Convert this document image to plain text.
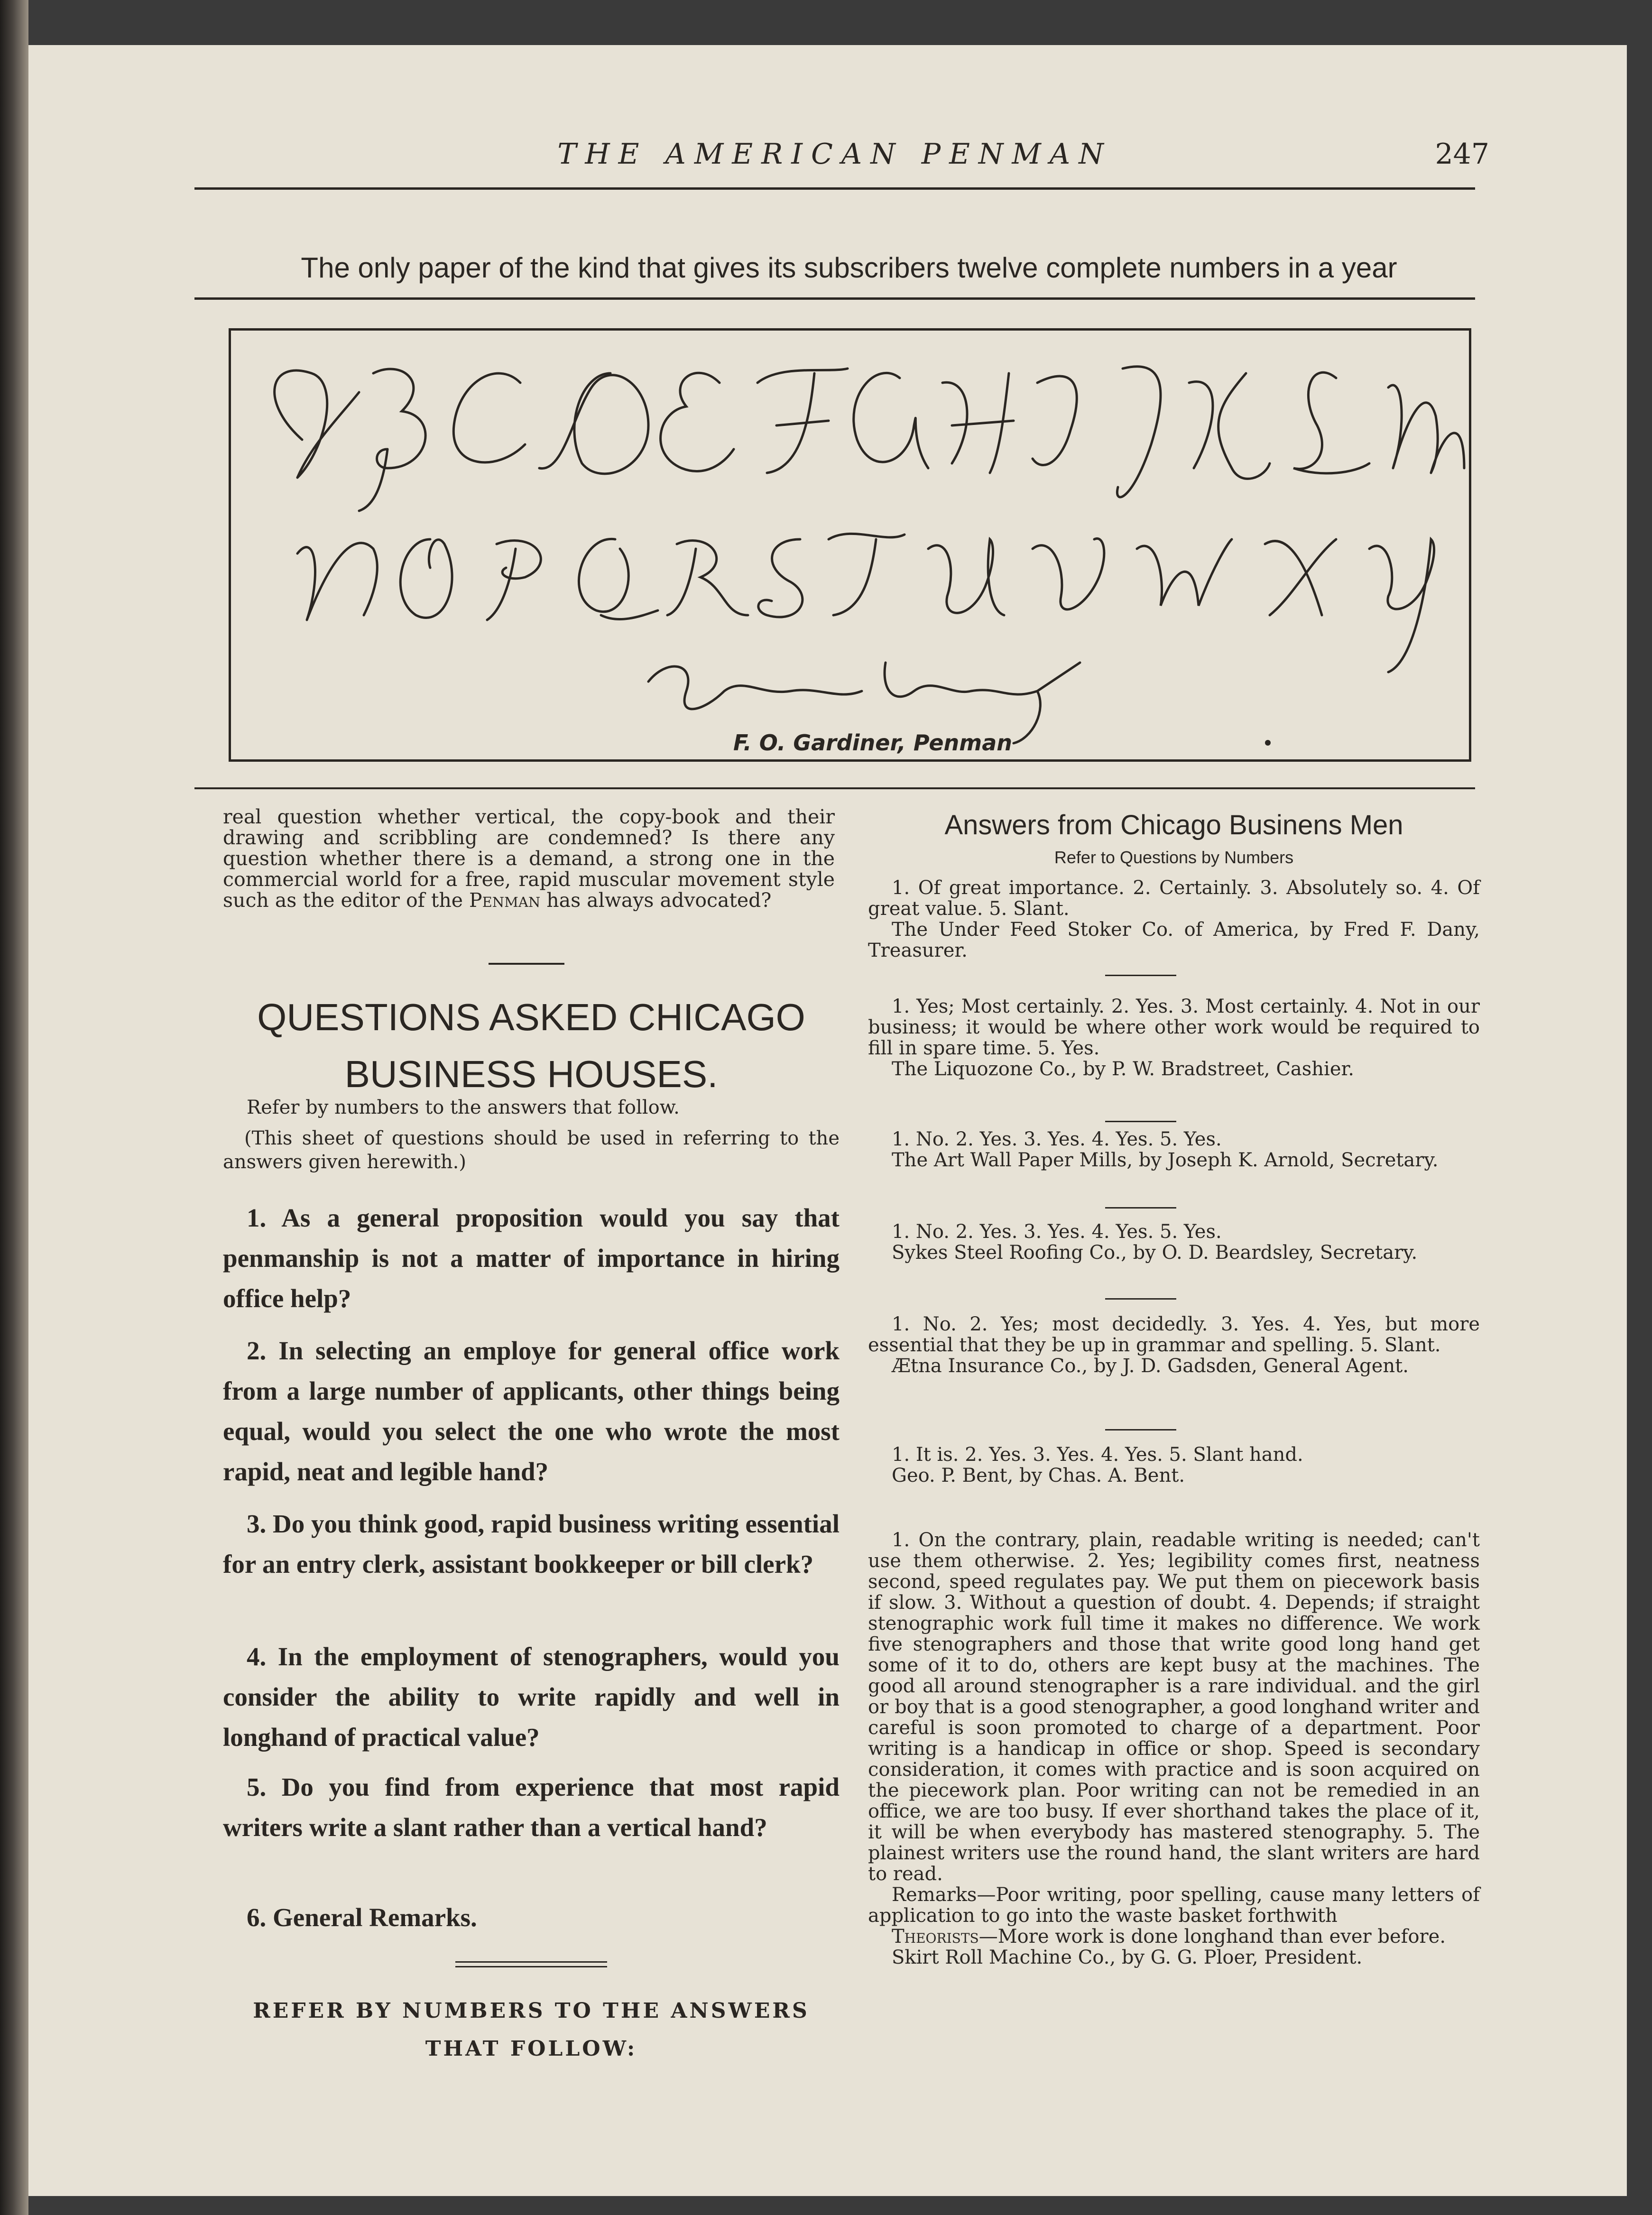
THE AMERICAN PENMAN	247
The only paper of the kind that gives its subscribers twelve complete numbers in a year
F. O. Gardiner, Penman

real question whether vertical, the copy-book and their drawing and scribbling are condemned? Is there any question whether there is a demand, a strong one in the commercial world for a free, rapid muscular movement style such as the editor of the Penman has always advocated?

QUESTIONS ASKED CHICAGO BUSINESS HOUSES.
Refer by numbers to the answers that follow.
(This sheet of questions should be used in referring to the answers given herewith.)
1. As a general proposition would you say that penmanship is not a matter of importance in hiring office help?
2. In selecting an employe for general office work from a large number of applicants, other things being equal, would you select the one who wrote the most rapid, neat and legible hand?
3. Do you think good, rapid business writing essential for an entry clerk, assistant bookkeeper or bill clerk?
4. In the employment of stenographers, would you consider the ability to write rapidly and well in longhand of practical value?
5. Do you find from experience that most rapid writers write a slant rather than a vertical hand?
6. General Remarks.
REFER BY NUMBERS TO THE ANSWERS THAT FOLLOW:
Answers from Chicago Businens Men
Refer to Questions by Numbers

1. Of great importance. 2. Certainly. 3. Absolutely so. 4. Of great value. 5. Slant.

The Under Feed Stoker Co. of America, by Fred F. Dany, Treasurer.

1. Yes; Most certainly. 2. Yes. 3. Most certainly. 4. Not in our business; it would be where other work would be required to fill in spare time. 5. Yes.

The Liquozone Co., by P. W. Bradstreet, Cashier.

1. No. 2. Yes. 3. Yes. 4. Yes. 5. Yes.

The Art Wall Paper Mills, by Joseph K. Arnold, Secretary.

1. No. 2. Yes. 3. Yes. 4. Yes. 5. Yes.

Sykes Steel Roofing Co., by O. D. Beardsley, Secretary.

1. No. 2. Yes; most decidedly. 3. Yes. 4. Yes, but more essential that they be up in grammar and spelling. 5. Slant.

Ætna Insurance Co., by J. D. Gadsden, General Agent.

1. It is. 2. Yes. 3. Yes. 4. Yes. 5. Slant hand.

Geo. P. Bent, by Chas. A. Bent.

1. On the contrary, plain, readable writing is needed; can't use them otherwise. 2. Yes; legibility comes first, neatness second, speed regulates pay. We put them on piecework basis if slow. 3. Without a question of doubt. 4. Depends; if straight stenographic work full time it makes no difference. We work five stenographers and those that write good long hand get some of it to do, others are kept busy at the machines. The good all around stenographer is a rare individual. and the girl or boy that is a good stenographer, a good longhand writer and careful is soon promoted to charge of a department. Poor writing is a handicap in office or shop. Speed is secondary consideration, it comes with practice and is soon acquired on the piecework plan. Poor writing can not be remedied in an office, we are too busy. If ever shorthand takes the place of it, it will be when everybody has mastered stenography. 5. The plainest writers use the round hand, the slant writers are hard to read.

Remarks—Poor writing, poor spelling, cause many letters of application to go into the waste basket forthwith

Theorists—More work is done longhand than ever before.

Skirt Roll Machine Co., by G. G. Ploer, President.
